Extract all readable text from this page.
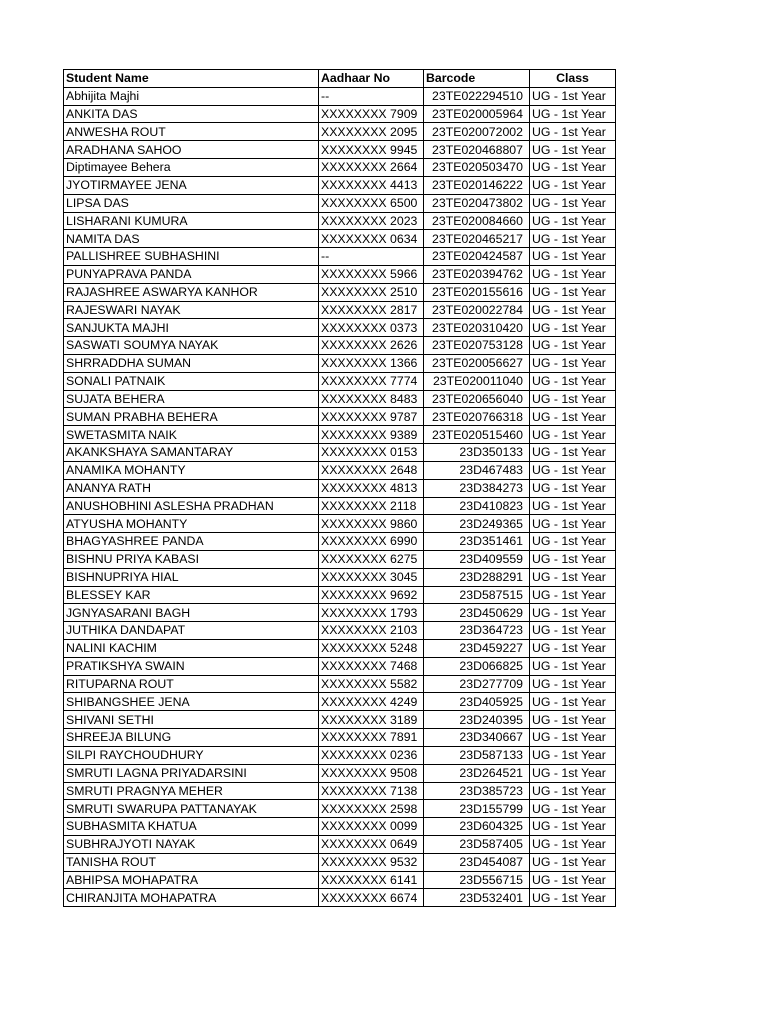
Student Name	Aadhaar No	Barcode	Class
Abhijita Majhi	--	23TE022294510	UG - 1st Year
ANKITA DAS	XXXXXXXX 7909	23TE020005964	UG - 1st Year
ANWESHA ROUT	XXXXXXXX 2095	23TE020072002	UG - 1st Year
ARADHANA SAHOO	XXXXXXXX 9945	23TE020468807	UG - 1st Year
Diptimayee Behera	XXXXXXXX 2664	23TE020503470	UG - 1st Year
JYOTIRMAYEE JENA	XXXXXXXX 4413	23TE020146222	UG - 1st Year
LIPSA DAS	XXXXXXXX 6500	23TE020473802	UG - 1st Year
LISHARANI KUMURA	XXXXXXXX 2023	23TE020084660	UG - 1st Year
NAMITA DAS	XXXXXXXX 0634	23TE020465217	UG - 1st Year
PALLISHREE SUBHASHINI	--	23TE020424587	UG - 1st Year
PUNYAPRAVA PANDA	XXXXXXXX 5966	23TE020394762	UG - 1st Year
RAJASHREE ASWARYA KANHOR	XXXXXXXX 2510	23TE020155616	UG - 1st Year
RAJESWARI NAYAK	XXXXXXXX 2817	23TE020022784	UG - 1st Year
SANJUKTA MAJHI	XXXXXXXX 0373	23TE020310420	UG - 1st Year
SASWATI SOUMYA NAYAK	XXXXXXXX 2626	23TE020753128	UG - 1st Year
SHRRADDHA SUMAN	XXXXXXXX 1366	23TE020056627	UG - 1st Year
SONALI PATNAIK	XXXXXXXX 7774	23TE020011040	UG - 1st Year
SUJATA BEHERA	XXXXXXXX 8483	23TE020656040	UG - 1st Year
SUMAN PRABHA BEHERA	XXXXXXXX 9787	23TE020766318	UG - 1st Year
SWETASMITA NAIK	XXXXXXXX 9389	23TE020515460	UG - 1st Year
AKANKSHAYA SAMANTARAY	XXXXXXXX 0153	23D350133	UG - 1st Year
ANAMIKA MOHANTY	XXXXXXXX 2648	23D467483	UG - 1st Year
ANANYA RATH	XXXXXXXX 4813	23D384273	UG - 1st Year
ANUSHOBHINI ASLESHA PRADHAN	XXXXXXXX 2118	23D410823	UG - 1st Year
ATYUSHA MOHANTY	XXXXXXXX 9860	23D249365	UG - 1st Year
BHAGYASHREE PANDA	XXXXXXXX 6990	23D351461	UG - 1st Year
BISHNU PRIYA KABASI	XXXXXXXX 6275	23D409559	UG - 1st Year
BISHNUPRIYA HIAL	XXXXXXXX 3045	23D288291	UG - 1st Year
BLESSEY KAR	XXXXXXXX 9692	23D587515	UG - 1st Year
JGNYASARANI BAGH	XXXXXXXX 1793	23D450629	UG - 1st Year
JUTHIKA DANDAPAT	XXXXXXXX 2103	23D364723	UG - 1st Year
NALINI KACHIM	XXXXXXXX 5248	23D459227	UG - 1st Year
PRATIKSHYA SWAIN	XXXXXXXX 7468	23D066825	UG - 1st Year
RITUPARNA ROUT	XXXXXXXX 5582	23D277709	UG - 1st Year
SHIBANGSHEE JENA	XXXXXXXX 4249	23D405925	UG - 1st Year
SHIVANI SETHI	XXXXXXXX 3189	23D240395	UG - 1st Year
SHREEJA BILUNG	XXXXXXXX 7891	23D340667	UG - 1st Year
SILPI RAYCHOUDHURY	XXXXXXXX 0236	23D587133	UG - 1st Year
SMRUTI LAGNA PRIYADARSINI	XXXXXXXX 9508	23D264521	UG - 1st Year
SMRUTI PRAGNYA MEHER	XXXXXXXX 7138	23D385723	UG - 1st Year
SMRUTI SWARUPA PATTANAYAK	XXXXXXXX 2598	23D155799	UG - 1st Year
SUBHASMITA KHATUA	XXXXXXXX 0099	23D604325	UG - 1st Year
SUBHRAJYOTI NAYAK	XXXXXXXX 0649	23D587405	UG - 1st Year
TANISHA ROUT	XXXXXXXX 9532	23D454087	UG - 1st Year
ABHIPSA MOHAPATRA	XXXXXXXX 6141	23D556715	UG - 1st Year
CHIRANJITA MOHAPATRA	XXXXXXXX 6674	23D532401	UG - 1st Year
